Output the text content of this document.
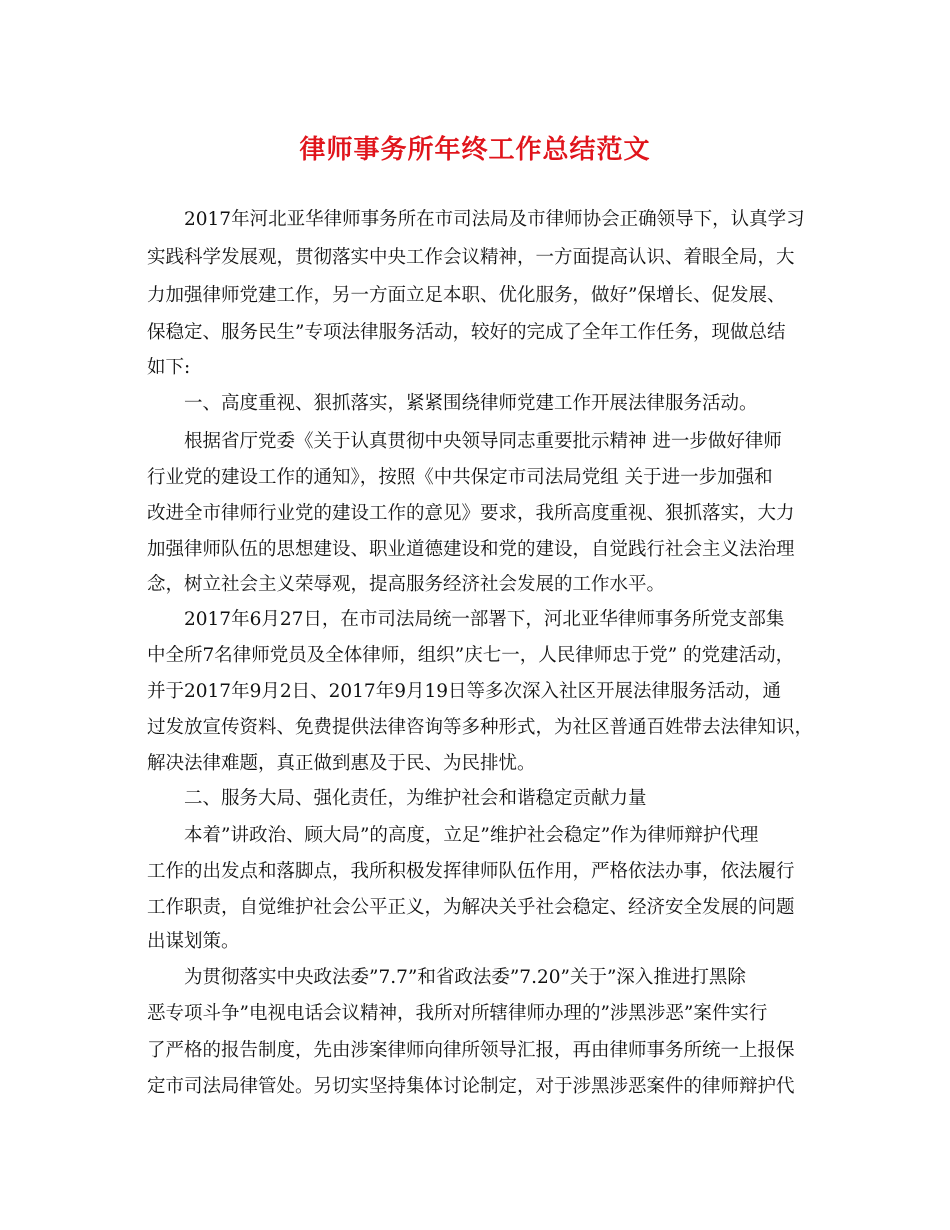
律师事务所年终工作总结范文
2017年河北亚华律师事务所在市司法局及市律师协会正确领导下，认真学习
实践科学发展观，贯彻落实中央工作会议精神，一方面提高认识、着眼全局，大
力加强律师党建工作，另一方面立足本职、优化服务，做好”保增长、促发展、
保稳定、服务民生”专项法律服务活动，较好的完成了全年工作任务，现做总结
如下:
一、高度重视、狠抓落实，紧紧围绕律师党建工作开展法律服务活动。
根据省厅党委《关于认真贯彻中央领导同志重要批示精神 进一步做好律师
行业党的建设工作的通知》，按照《中共保定市司法局党组 关于进一步加强和
改进全市律师行业党的建设工作的意见》要求，我所高度重视、狠抓落实，大力
加强律师队伍的思想建设、职业道德建设和党的建设，自觉践行社会主义法治理
念，树立社会主义荣辱观，提高服务经济社会发展的工作水平。
2017年6月27日，在市司法局统一部署下，河北亚华律师事务所党支部集
中全所7名律师党员及全体律师，组织”庆七一，人民律师忠于党” 的党建活动，
并于2017年9月2日、2017年9月19日等多次深入社区开展法律服务活动，通
过发放宣传资料、免费提供法律咨询等多种形式，为社区普通百姓带去法律知识，
解决法律难题，真正做到惠及于民、为民排忧。
二、服务大局、强化责任，为维护社会和谐稳定贡献力量
本着”讲政治、顾大局”的高度，立足”维护社会稳定”作为律师辩护代理
工作的出发点和落脚点，我所积极发挥律师队伍作用，严格依法办事，依法履行
工作职责，自觉维护社会公平正义，为解决关乎社会稳定、经济安全发展的问题
出谋划策。
为贯彻落实中央政法委”7.7”和省政法委”7.20”关于”深入推进打黑除
恶专项斗争”电视电话会议精神，我所对所辖律师办理的”涉黑涉恶”案件实行
了严格的报告制度，先由涉案律师向律所领导汇报，再由律师事务所统一上报保
定市司法局律管处。另切实坚持集体讨论制定，对于涉黑涉恶案件的律师辩护代
